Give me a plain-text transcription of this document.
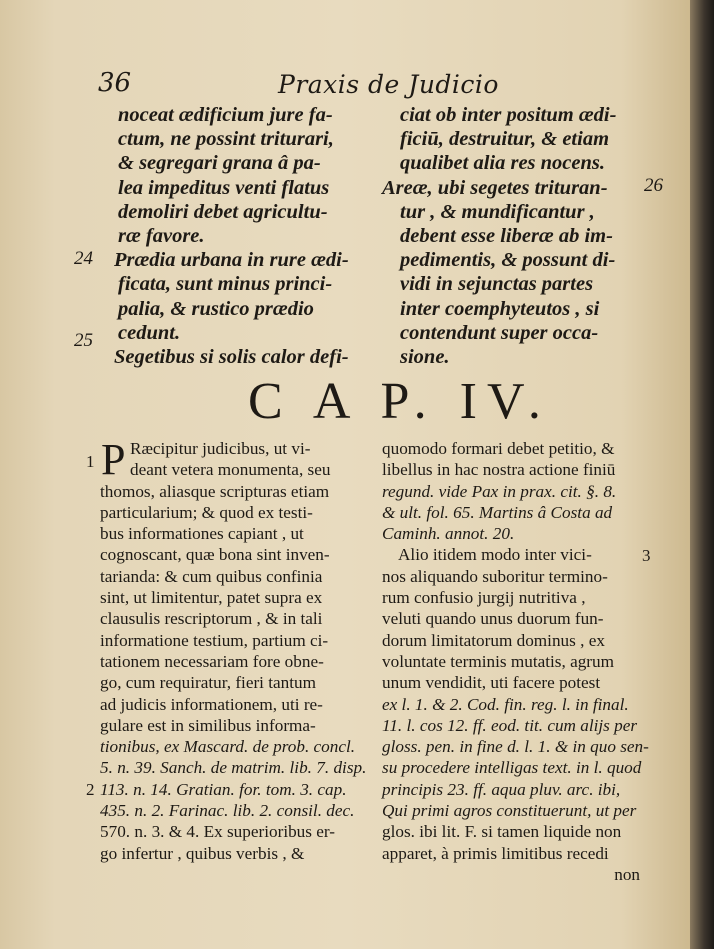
36	Praxis de Judicio
noceat ædificium jure fa-
ctum, ne possint triturari,
& segregari grana â pa-
lea impeditus venti flatus
demoliri debet agricultu-
ræ favore.
Prædia urbana in rure ædi-
ficata, sunt minus princi-
palia, & rustico prædio
cedunt.
Segetibus si solis calor defi-
ciat ob inter positum ædi-
ficiū, destruitur, & etiam
qualibet alia res nocens.
Areæ, ubi segetes trituran-
tur , & mundificantur ,
debent esse liberæ ab im-
pedimentis, & possunt di-
vidi in sejunctas partes
inter coemphyteutos , si
contendunt super occa-
sione.
24
25
26
C A P. IV.
1
2
3
P Ræcipitur judicibus, ut vi-
deant vetera monumenta, seu
thomos, aliasque scripturas etiam
particularium; & quod ex testi-
bus informationes capiant , ut
cognoscant, quæ bona sint inven-
tarianda: & cum quibus confinia
sint, ut limitentur, patet supra ex
clausulis rescriptorum , & in tali
informatione testium, partium ci-
tationem necessariam fore obne-
go, cum requiratur, fieri tantum
ad judicis informationem, uti re-
gulare est in similibus informa-
tionibus, ex Mascard. de prob. concl.
5. n. 39. Sanch. de matrim. lib. 7. disp.
113. n. 14. Gratian. for. tom. 3. cap.
435. n. 2. Farinac. lib. 2. consil. dec.
570. n. 3. & 4. Ex superioribus er-
go infertur , quibus verbis , &
quomodo formari debet petitio, &
libellus in hac nostra actione finiū
regund. vide Pax in prax. cit. §. 8.
& ult. fol. 65. Martins â Costa ad
Caminh. annot. 20.
Alio itidem modo inter vici-
nos aliquando suboritur termino-
rum confusio jurgij nutritiva ,
veluti quando unus duorum fun-
dorum limitatorum dominus , ex
voluntate terminis mutatis, agrum
unum vendidit, uti facere potest
ex l. 1. & 2. Cod. fin. reg. l. in final.
11. l. cos 12. ff. eod. tit. cum alijs per
gloss. pen. in fine d. l. 1. & in quo sen-
su procedere intelligas text. in l. quod
principis 23. ff. aqua pluv. arc. ibi,
Qui primi agros constituerunt, ut per
glos. ibi lit. F. si tamen liquide non
apparet, à primis limitibus recedi
non
